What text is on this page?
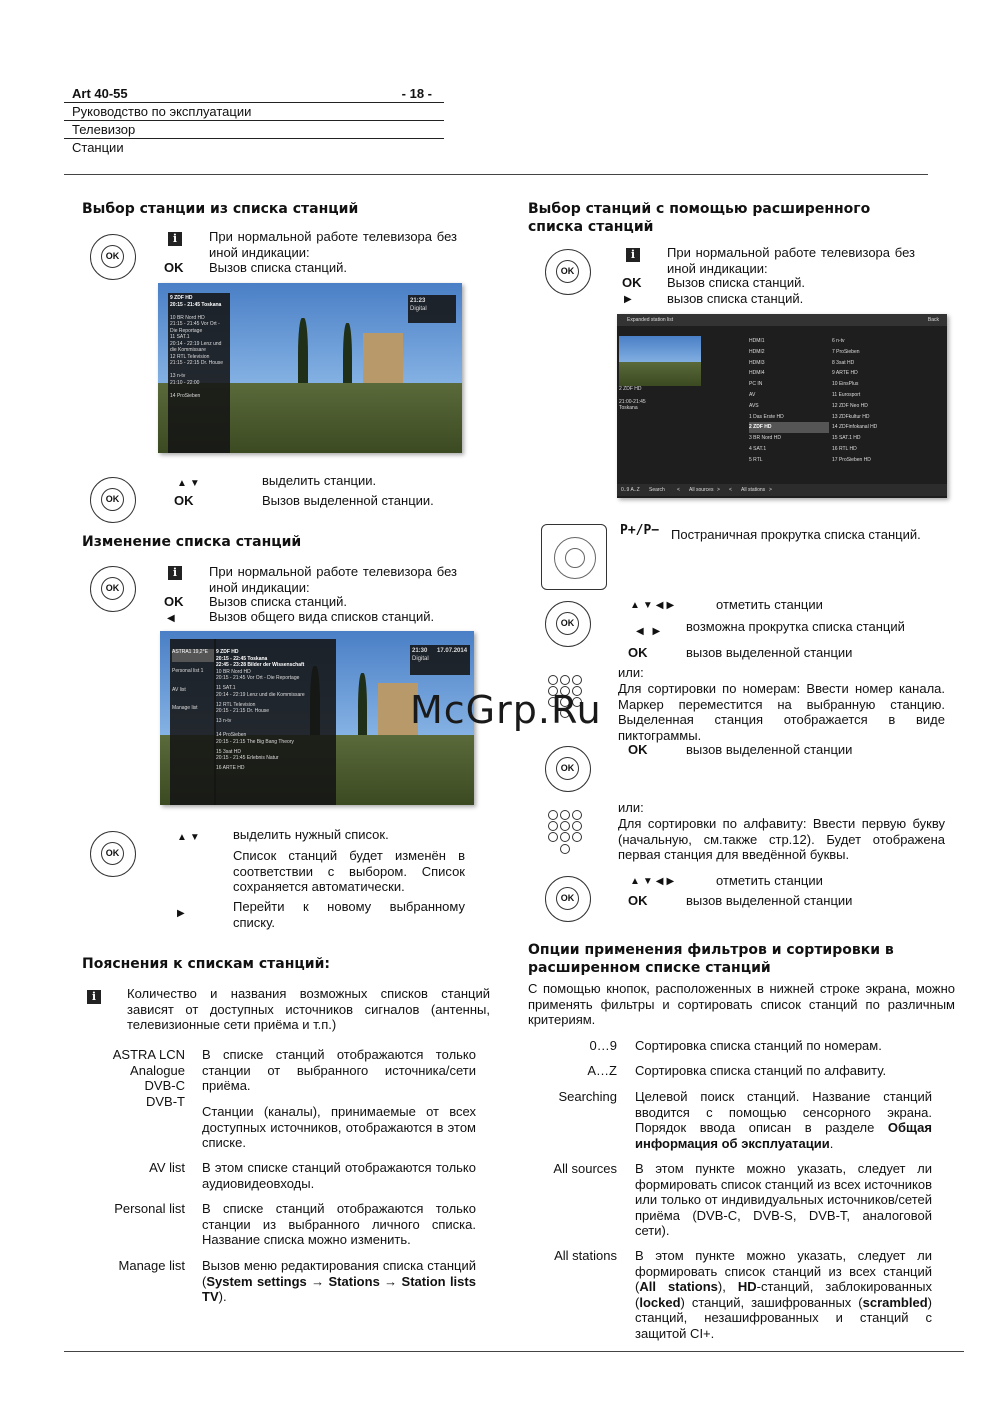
Art 40-55	- 18 -
Руководство по эксплуатации
Телевизор
Станции
Выбор станции из списка станций
OK
i	При нормальной работе телевизора без иной индикации:
OK Вызов списка станций.
9 ZDF HD
20:15 - 21:45 Toskana
10 BR Nord HD
21:15 - 21:45 Vor Ort - Die Reportage
11 SAT.1
20:14 - 22:19 Lenz und die Kommissare
12 RTL Television
21:15 - 22:15 Dr. House
13 n-tv
21:10 - 22:00
14 ProSieben
21:23
Digital
OK
▲▼	выделить станции.
OK	Вызов выделенной станции.
Изменение списка станций
OK
i	При нормальной работе телевизора без иной индикации:
OK Вызов списка станций.
◀ Вызов общего вида списков станций.
ASTRA1 19,2°E
Personal list 1
AV list
Manage list
9 ZDF HD
20:15 - 22:45 Toskana
22:45 - 23:28 Bilder der Wissenschaft
10 BR Nord HD
20:15 - 21:45 Vor Ort - Die Reportage
11 SAT.1
20:14 - 22:19 Lenz und die Kommissare
12 RTL Television
20:15 - 21:15 Dr. House
13 n-tv
14 ProSieben
20:15 - 21:15 The Big Bang Theory
15 3sat HD
20:15 - 21:45 Erlebnis Natur
16 ARTE HD
21:30 17.07.2014
Digital
OK
▲▼ выделить нужный список.
Список станций будет изменён в соответствии с выбором. Список сохраняется автоматически.
▶	Перейти к новому выбранному списку.
Пояснения к спискам станций:
i	Количество и названия возможных списков станций зависят от доступных источников сигналов (антенны, телевизионные сети приёма и т.п.)
ASTRA LCN
Analogue
DVB-C
DVB-T
В списке станций отображаются только станции от выбранного источника/сети приёма.
Станции (каналы), принимаемые от всех доступных источников, отображаются в этом списке.
AV list В этом списке станций отображаются только аудиовидеовходы.
Personal list В списке станций отображаются только станции из выбранного личного списка. Название списка можно изменить.
Manage list Вызов меню редактирования списка станций (System settings → Stations → Station lists TV).
Выбор станций с помощью расширенного списка станций
OK
i	При нормальной работе телевизора без иной индикации:
OK Вызов списка станций.
▶ вызов списка станций.
Expanded station list	Back
2 ZDF HD
21:00-21:45
Toskana
HDMI1
HDMI2
HDMI3
HDMI4
PC IN
AV
AVS
1 Das Erste HD
2 ZDF HD
3 BR Nord HD
4 SAT.1
5 RTL
6 n-tv
7 ProSieben
8 3sat HD
9 ARTE HD
10 EinsPlus
11 Eurosport
12 ZDF Neo HD
13 ZDFkultur HD
14 ZDFinfokanal HD
15 SAT.1 HD
16 RTL HD
17 ProSieben HD
0..9 A..Z Search < All sources > < All stations >
P+/P− Постраничная прокрутка списка станций.
OK
▲▼◀▶	отметить станции
◀ ▶ возможна прокрутка списка станций
OK	вызов выделенной станции
или:
Для сортировки по номерам: Ввести номер канала. Маркер переместится на выбранную станцию. Выделенная станция отображается в виде пиктограммы.
OK
OK	вызов выделенной станции
или:
Для сортировки по алфавиту: Ввести первую букву (начальную, см.также стр.12). Будет отображена первая станция для введённой буквы.
OK
▲▼◀▶	отметить станции
OK	вызов выделенной станции
Опции применения фильтров и сортировки в расширенном списке станций
С помощью кнопок, расположенных в нижней строке экрана, можно применять фильтры и сортировать список станций по различным критериям.
0…9 Сортировка списка станций по номерам.
A…Z Сортировка списка станций по алфавиту.
Searching Целевой поиск станций. Название станций вводится с помощью сенсорного экрана. Порядок ввода описан в разделе Общая информация об эксплуатации.
All sources В этом пункте можно указать, следует ли формировать список станций из всех источников или только от индивидуальных источников/сетей приёма (DVB-C, DVB-S, DVB-T, аналоговой сети).
All stations В этом пункте можно указать, следует ли формировать список станций из всех станций (All stations), HD-станций, заблокированных (locked) станций, зашифрованных (scrambled) станций, незашифрованных и станций с защитой CI+.
McGrp.Ru
